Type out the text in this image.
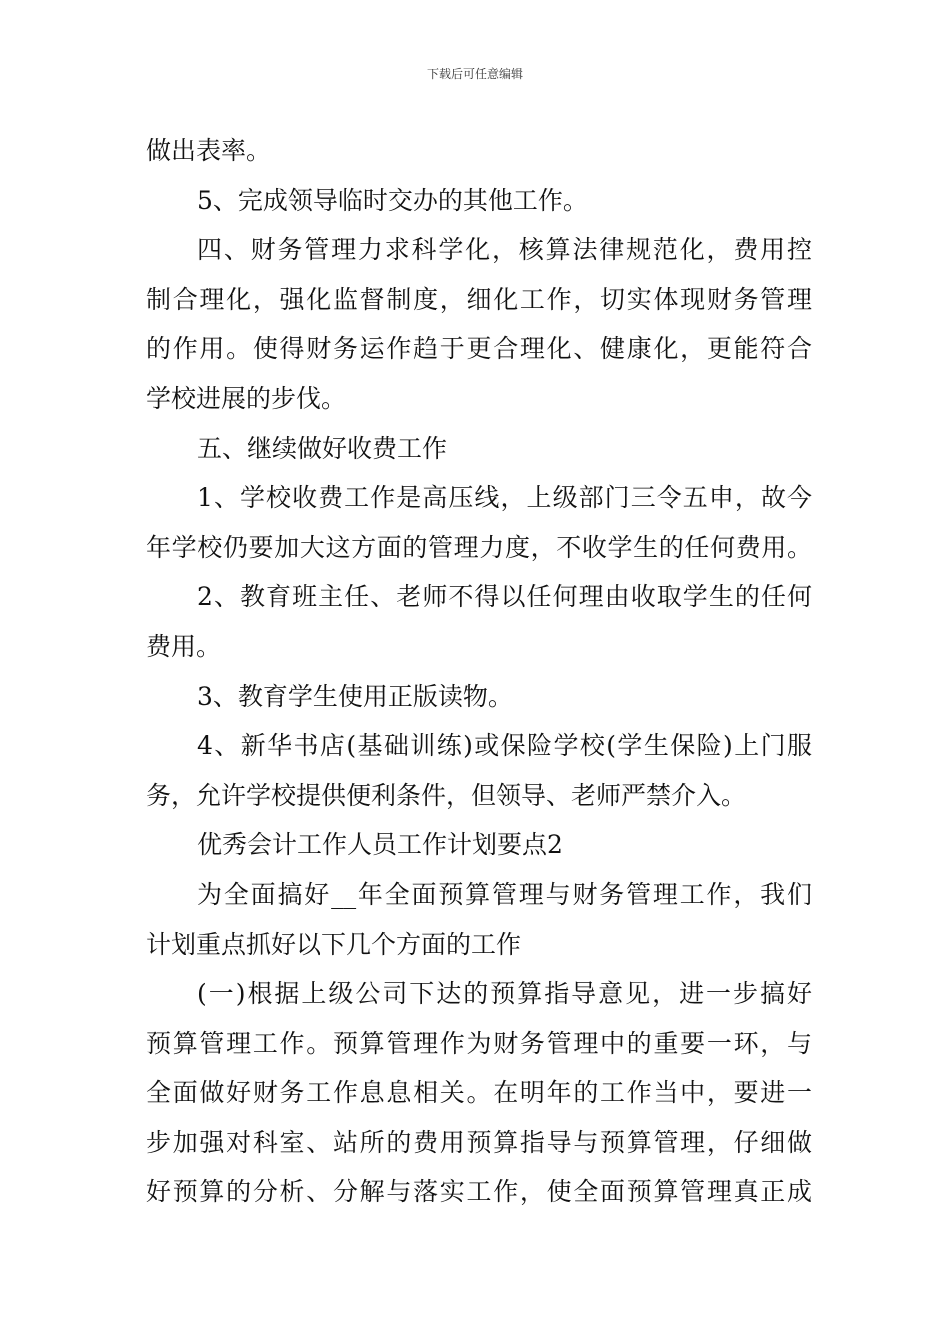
下载后可任意编辑
做出表率。
5、完成领导临时交办的其他工作。
四、财务管理力求科学化，核算法律规范化，费用控
制合理化，强化监督制度，细化工作，切实体现财务管理
的作用。使得财务运作趋于更合理化、健康化，更能符合
学校进展的步伐。
五、继续做好收费工作
1、学校收费工作是高压线，上级部门三令五申，故今
年学校仍要加大这方面的管理力度，不收学生的任何费用。
2、教育班主任、老师不得以任何理由收取学生的任何
费用。
3、教育学生使用正版读物。
4、新华书店(基础训练)或保险学校(学生保险)上门服
务，允许学校提供便利条件，但领导、老师严禁介入。
优秀会计工作人员工作计划要点2
为全面搞好__年全面预算管理与财务管理工作，我们
计划重点抓好以下几个方面的工作
(一)根据上级公司下达的预算指导意见，进一步搞好
预算管理工作。预算管理作为财务管理中的重要一环，与
全面做好财务工作息息相关。在明年的工作当中，要进一
步加强对科室、站所的费用预算指导与预算管理，仔细做
好预算的分析、分解与落实工作，使全面预算管理真正成
